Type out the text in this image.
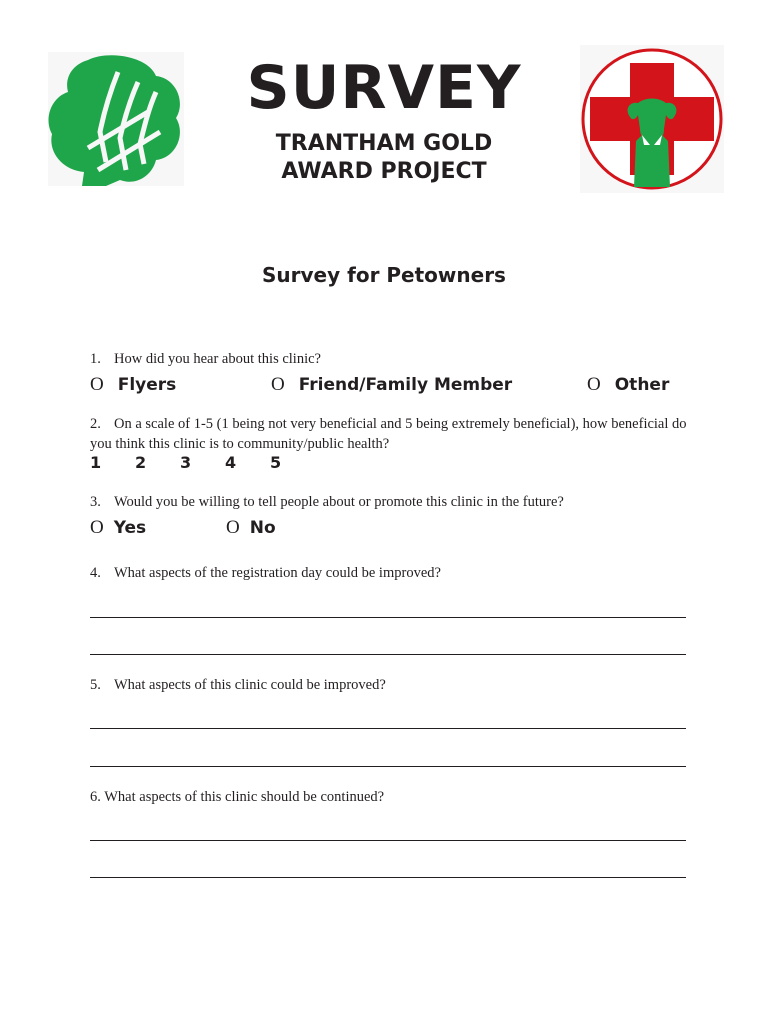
SURVEY
TRANTHAM GOLD
AWARD PROJECT
Survey for Petowners
1. How did you hear about this clinic?
O Flyers	O Friend/Family Member	O Other
2. On a scale of 1-5 (1 being not very beneficial and 5 being extremely beneficial), how beneficial do you think this clinic is to community/public health?
1 2 3 4 5
3. Would you be willing to tell people about or promote this clinic in the future?
O Yes	O No
4. What aspects of the registration day could be improved?
5. What aspects of this clinic could be improved?
6. What aspects of this clinic should be continued?
